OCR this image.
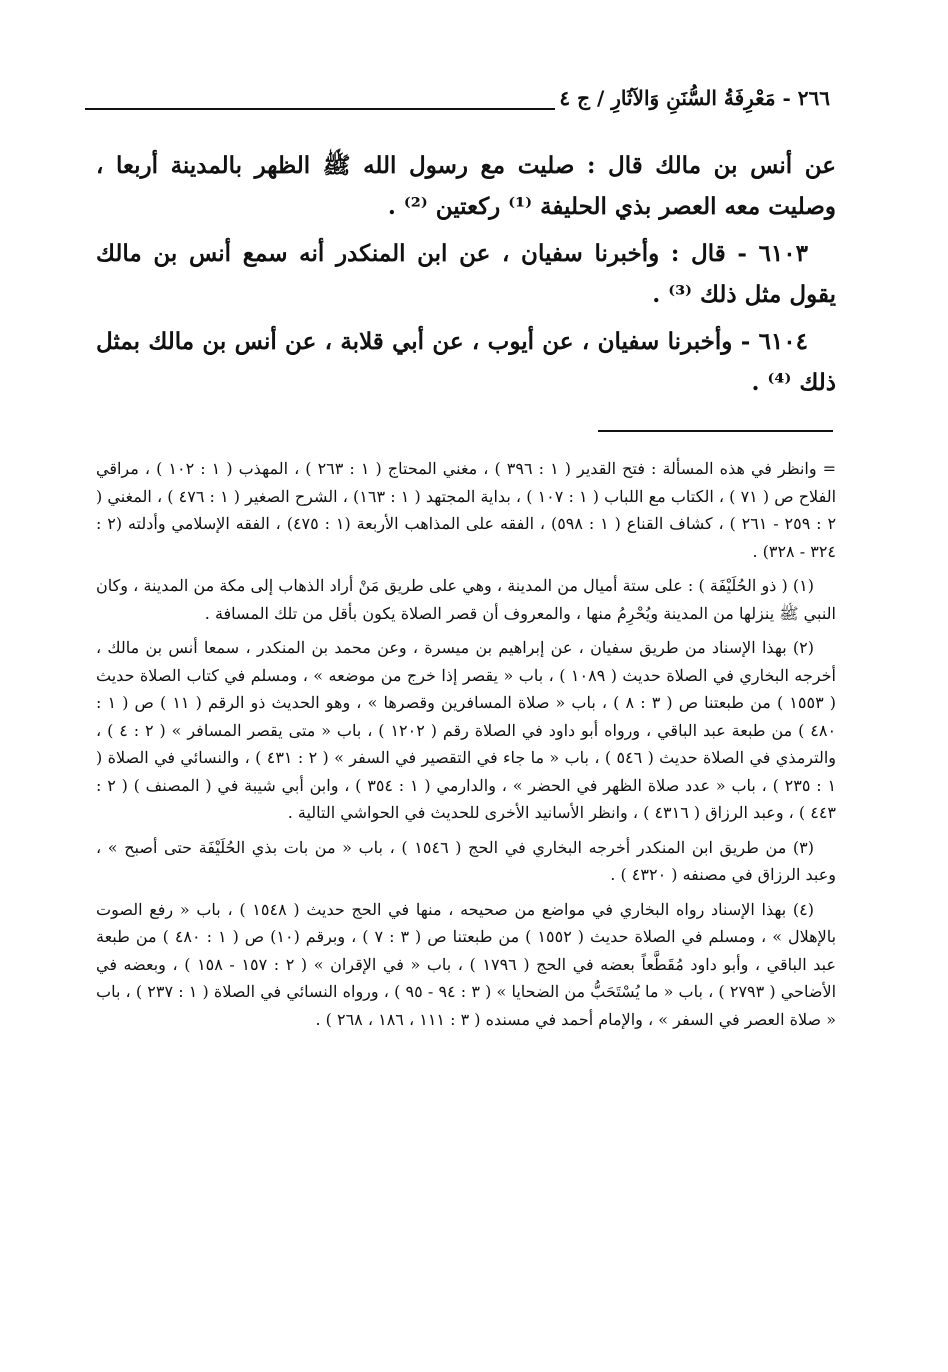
٢٦٦ - مَعْرِفَةُ السُّنَنِ وَالآثَارِ / ج ٤

عن أنس بن مالك قال : صليت مع رسول الله ﷺ الظهر بالمدينة أربعا ، وصليت معه العصر بذي الحليفة ⁽¹⁾ ركعتين ⁽²⁾ .

٦١٠٣ - قال : وأخبرنا سفيان ، عن ابن المنكدر أنه سمع أنس بن مالك يقول مثل ذلك ⁽³⁾ .

٦١٠٤ - وأخبرنا سفيان ، عن أيوب ، عن أبي قلابة ، عن أنس بن مالك بمثل ذلك ⁽⁴⁾ .

= وانظر في هذه المسألة : فتح القدير ( ١ : ٣٩٦ ) ، مغني المحتاج ( ١ : ٢٦٣ ) ، المهذب ( ١ : ١٠٢ ) ، مراقي الفلاح ص ( ٧١ ) ، الكتاب مع اللباب ( ١ : ١٠٧ ) ، بداية المجتهد ( ١ : ١٦٣) ، الشرح الصغير ( ١ : ٤٧٦ ) ، المغني ( ٢ : ٢٥٩ - ٢٦١ ) ، كشاف القناع ( ١ : ٥٩٨) ، الفقه على المذاهب الأربعة (١ : ٤٧٥) ، الفقه الإسلامي وأدلته (٢ : ٣٢٤ - ٣٢٨) .

(١) ( ذو الحُلَيْفَة ) : على ستة أميال من المدينة ، وهي على طريق مَنْ أراد الذهاب إلى مكة من المدينة ، وكان النبي ﷺ ينزلها من المدينة ويُحْرِمُ منها ، والمعروف أن قصر الصلاة يكون بأقل من تلك المسافة .

(٢) بهذا الإسناد من طريق سفيان ، عن إبراهيم بن ميسرة ، وعن محمد بن المنكدر ، سمعا أنس بن مالك ، أخرجه البخاري في الصلاة حديث ( ١٠٨٩ ) ، باب « يقصر إذا خرج من موضعه » ، ومسلم في كتاب الصلاة حديث ( ١٥٥٣ ) من طبعتنا ص ( ٣ : ٨ ) ، باب « صلاة المسافرين وقصرها » ، وهو الحديث ذو الرقم ( ١١ ) ص ( ١ : ٤٨٠ ) من طبعة عبد الباقي ، ورواه أبو داود في الصلاة رقم ( ١٢٠٢ ) ، باب « متى يقصر المسافر » ( ٢ : ٤ ) ، والترمذي في الصلاة حديث ( ٥٤٦ ) ، باب « ما جاء في التقصير في السفر » ( ٢ : ٤٣١ ) ، والنسائي في الصلاة ( ١ : ٢٣٥ ) ، باب « عدد صلاة الظهر في الحضر » ، والدارمي ( ١ : ٣٥٤ ) ، وابن أبي شيبة في ( المصنف ) ( ٢ : ٤٤٣ ) ، وعبد الرزاق ( ٤٣١٦ ) ، وانظر الأسانيد الأخرى للحديث في الحواشي التالية .

(٣) من طريق ابن المنكدر أخرجه البخاري في الحج ( ١٥٤٦ ) ، باب « من بات بذي الحُلَيْفَة حتى أصبح » ، وعبد الرزاق في مصنفه ( ٤٣٢٠ ) .

(٤) بهذا الإسناد رواه البخاري في مواضع من صحيحه ، منها في الحج حديث ( ١٥٤٨ ) ، باب « رفع الصوت بالإهلال » ، ومسلم في الصلاة حديث ( ١٥٥٢ ) من طبعتنا ص ( ٣ : ٧ ) ، وبرقم (١٠) ص ( ١ : ٤٨٠ ) من طبعة عبد الباقي ، وأبو داود مُقَطَّعاً بعضه في الحج ( ١٧٩٦ ) ، باب « في الإقران » ( ٢ : ١٥٧ - ١٥٨ ) ، وبعضه في الأضاحي ( ٢٧٩٣ ) ، باب « ما يُسْتَحَبُّ من الضحايا » ( ٣ : ٩٤ - ٩٥ ) ، ورواه النسائي في الصلاة ( ١ : ٢٣٧ ) ، باب « صلاة العصر في السفر » ، والإمام أحمد في مسنده ( ٣ : ١١١ ، ١٨٦ ، ٢٦٨ ) .
